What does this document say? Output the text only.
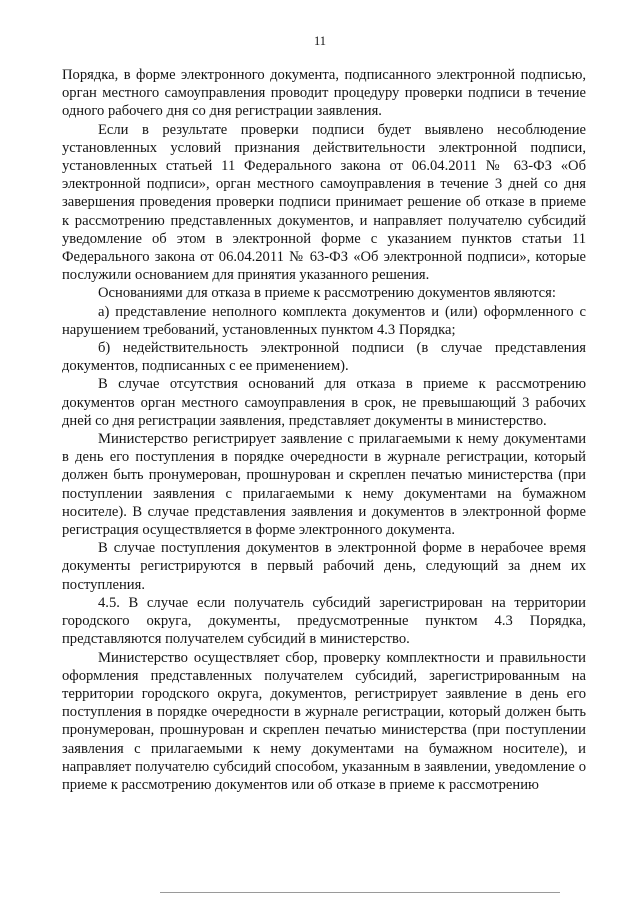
11

Порядка, в форме электронного документа, подписанного электронной подписью, орган местного самоуправления проводит процедуру проверки подписи в течение одного рабочего дня со дня регистрации заявления.

Если в результате проверки подписи будет выявлено несоблюдение установленных условий признания действительности электронной подписи, установленных статьей 11 Федерального закона от 06.04.2011 № 63-ФЗ «Об электронной подписи», орган местного самоуправления в течение 3 дней со дня завершения проведения проверки подписи принимает решение об отказе в приеме к рассмотрению представленных документов, и направляет получателю субсидий уведомление об этом в электронной форме с указанием пунктов статьи 11 Федерального закона от 06.04.2011 № 63-ФЗ «Об электронной подписи», которые послужили основанием для принятия указанного решения.

Основаниями для отказа в приеме к рассмотрению документов являются:

а) представление неполного комплекта документов и (или) оформленного с нарушением требований, установленных пунктом 4.3 Порядка;

б) недействительность электронной подписи (в случае представления документов, подписанных с ее применением).

В случае отсутствия оснований для отказа в приеме к рассмотрению документов орган местного самоуправления в срок, не превышающий 3 рабочих дней со дня регистрации заявления, представляет документы в министерство.

Министерство регистрирует заявление с прилагаемыми к нему документами в день его поступления в порядке очередности в журнале регистрации, который должен быть пронумерован, прошнурован и скреплен печатью министерства (при поступлении заявления с прилагаемыми к нему документами на бумажном носителе). В случае представления заявления и документов в электронной форме регистрация осуществляется в форме электронного документа.

В случае поступления документов в электронной форме в нерабочее время документы регистрируются в первый рабочий день, следующий за днем их поступления.

4.5. В случае если получатель субсидий зарегистрирован на территории городского округа, документы, предусмотренные пунктом 4.3 Порядка, представляются получателем субсидий в министерство.

Министерство осуществляет сбор, проверку комплектности и правильности оформления представленных получателем субсидий, зарегистрированным на территории городского округа, документов, регистрирует заявление в день его поступления в порядке очередности в журнале регистрации, который должен быть пронумерован, прошнурован и скреплен печатью министерства (при поступлении заявления с прилагаемыми к нему документами на бумажном носителе), и направляет получателю субсидий способом, указанным в заявлении, уведомление о приеме к рассмотрению документов или об отказе в приеме к рассмотрению
